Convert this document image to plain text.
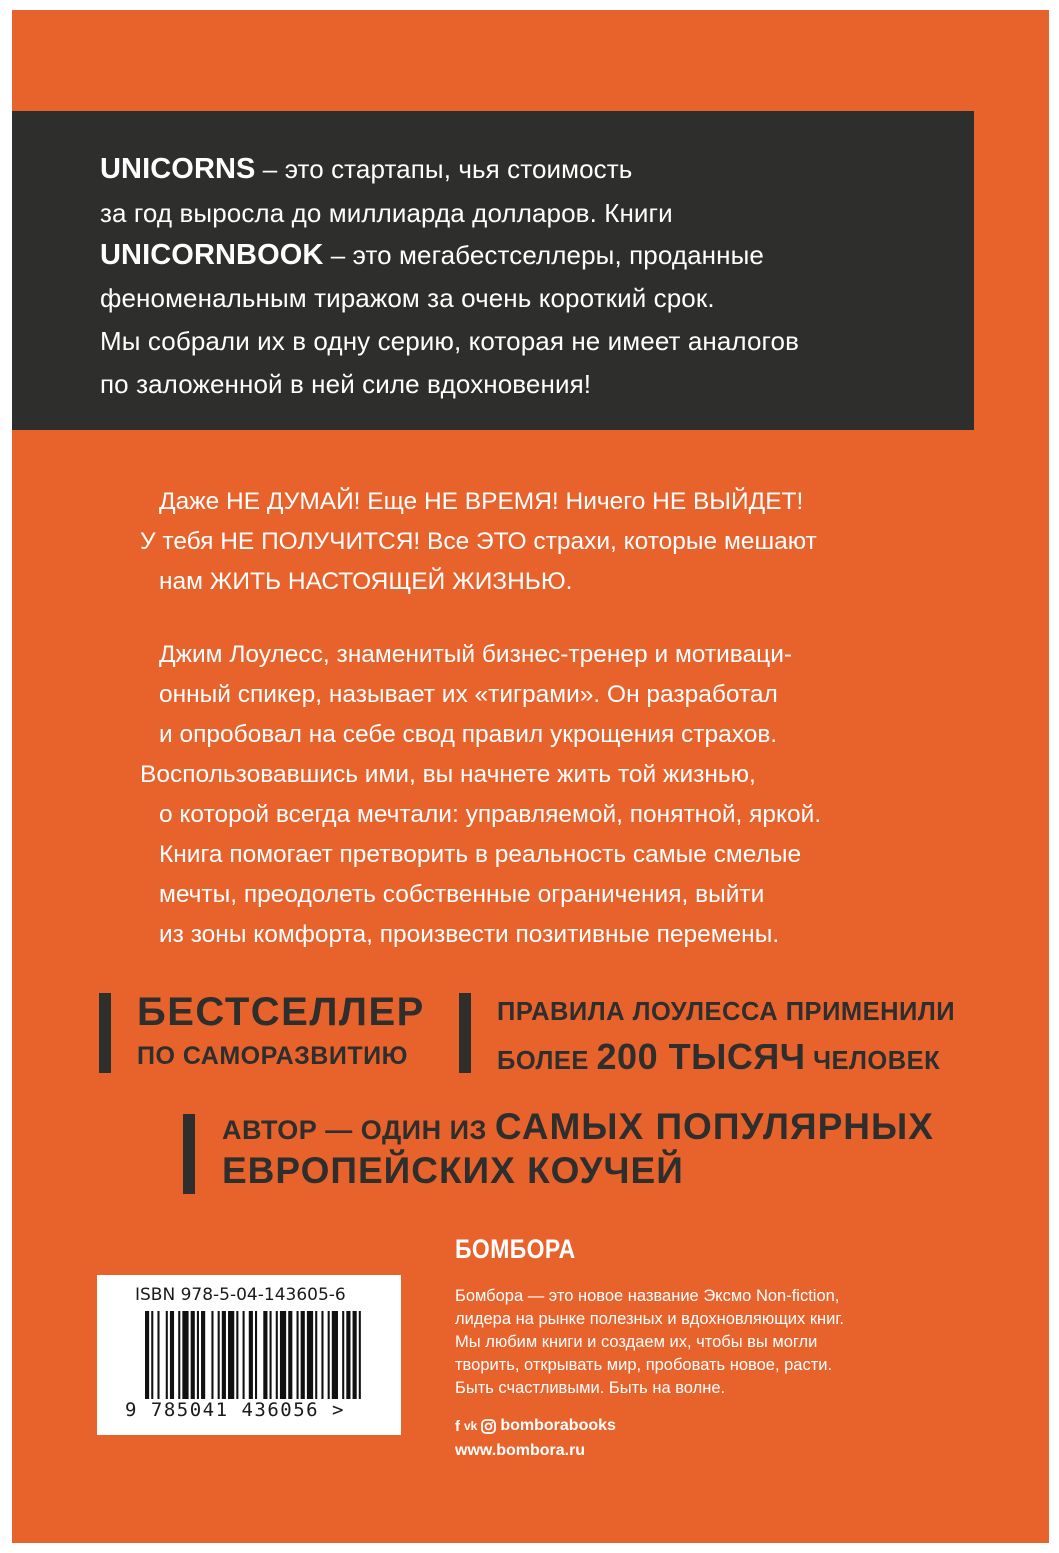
UNICORNS – это стартапы, чья стоимость
за год выросла до миллиарда долларов. Книги
UNICORNBOOK – это мегабестселлеры, проданные
феноменальным тиражом за очень короткий срок.
Мы собрали их в одну серию, которая не имеет аналогов
по заложенной в ней силе вдохновения!
Даже НЕ ДУМАЙ! Еще НЕ ВРЕМЯ! Ничего НЕ ВЫЙДЕТ!
У тебя НЕ ПОЛУЧИТСЯ! Все ЭТО страхи, которые мешают
нам ЖИТЬ НАСТОЯЩЕЙ ЖИЗНЬЮ.
Джим Лоулесс, знаменитый бизнес-тренер и мотиваци-
онный спикер, называет их «тиграми». Он разработал
и опробовал на себе свод правил укрощения страхов.
Воспользовавшись ими, вы начнете жить той жизнью,
о которой всегда мечтали: управляемой, понятной, яркой.
Книга помогает претворить в реальность самые смелые
мечты, преодолеть собственные ограничения, выйти
из зоны комфорта, произвести позитивные перемены.
БЕСТСЕЛЛЕР
ПО САМОРАЗВИТИЮ
ПРАВИЛА ЛОУЛЕССА ПРИМЕНИЛИ
БОЛЕЕ 200 ТЫСЯЧ ЧЕЛОВЕК
АВТОР — ОДИН ИЗ САМЫХ ПОПУЛЯРНЫХ
ЕВРОПЕЙСКИХ КОУЧЕЙ
ISBN 978-5-04-143605-6
9 785041 436056 >
БОМБОРА
Бомбора — это новое название Эксмо Non-fiction,
лидера на рынке полезных и вдохновляющих книг.
Мы любим книги и создаем их, чтобы вы могли
творить, открывать мир, пробовать новое, расти.
Быть счастливыми. Быть на волне.
f vk bomborabooks
www.bombora.ru
